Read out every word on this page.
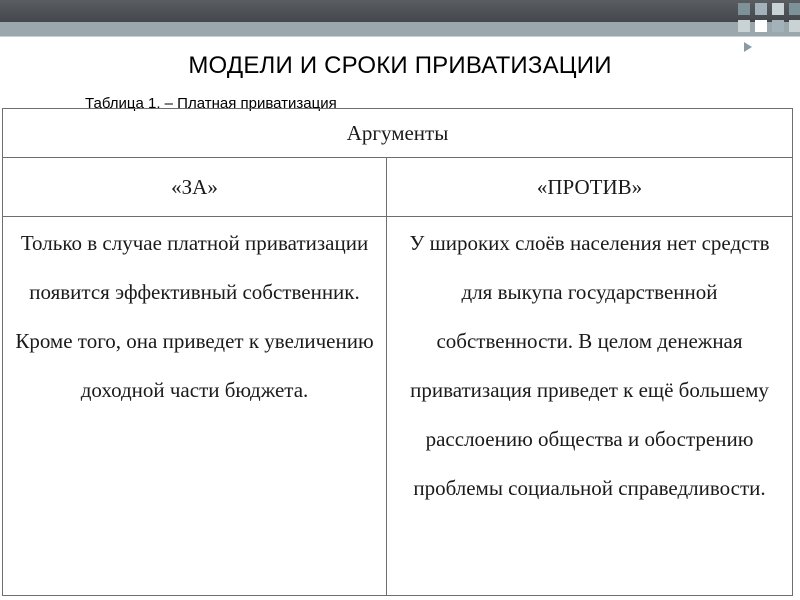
МОДЕЛИ И СРОКИ ПРИВАТИЗАЦИИ
Таблица 1. – Платная приватизация
Аргументы	
«ЗА»	«ПРОТИВ»
Только в случае платной приватизации появится эффективный собственник. Кроме того, она приведет к увеличению доходной части бюджета.	У широких слоёв населения нет средств для выкупа государственной собственности. В целом денежная приватизация приведет к ещё большему расслоению общества и обострению проблемы социальной справедливости.
